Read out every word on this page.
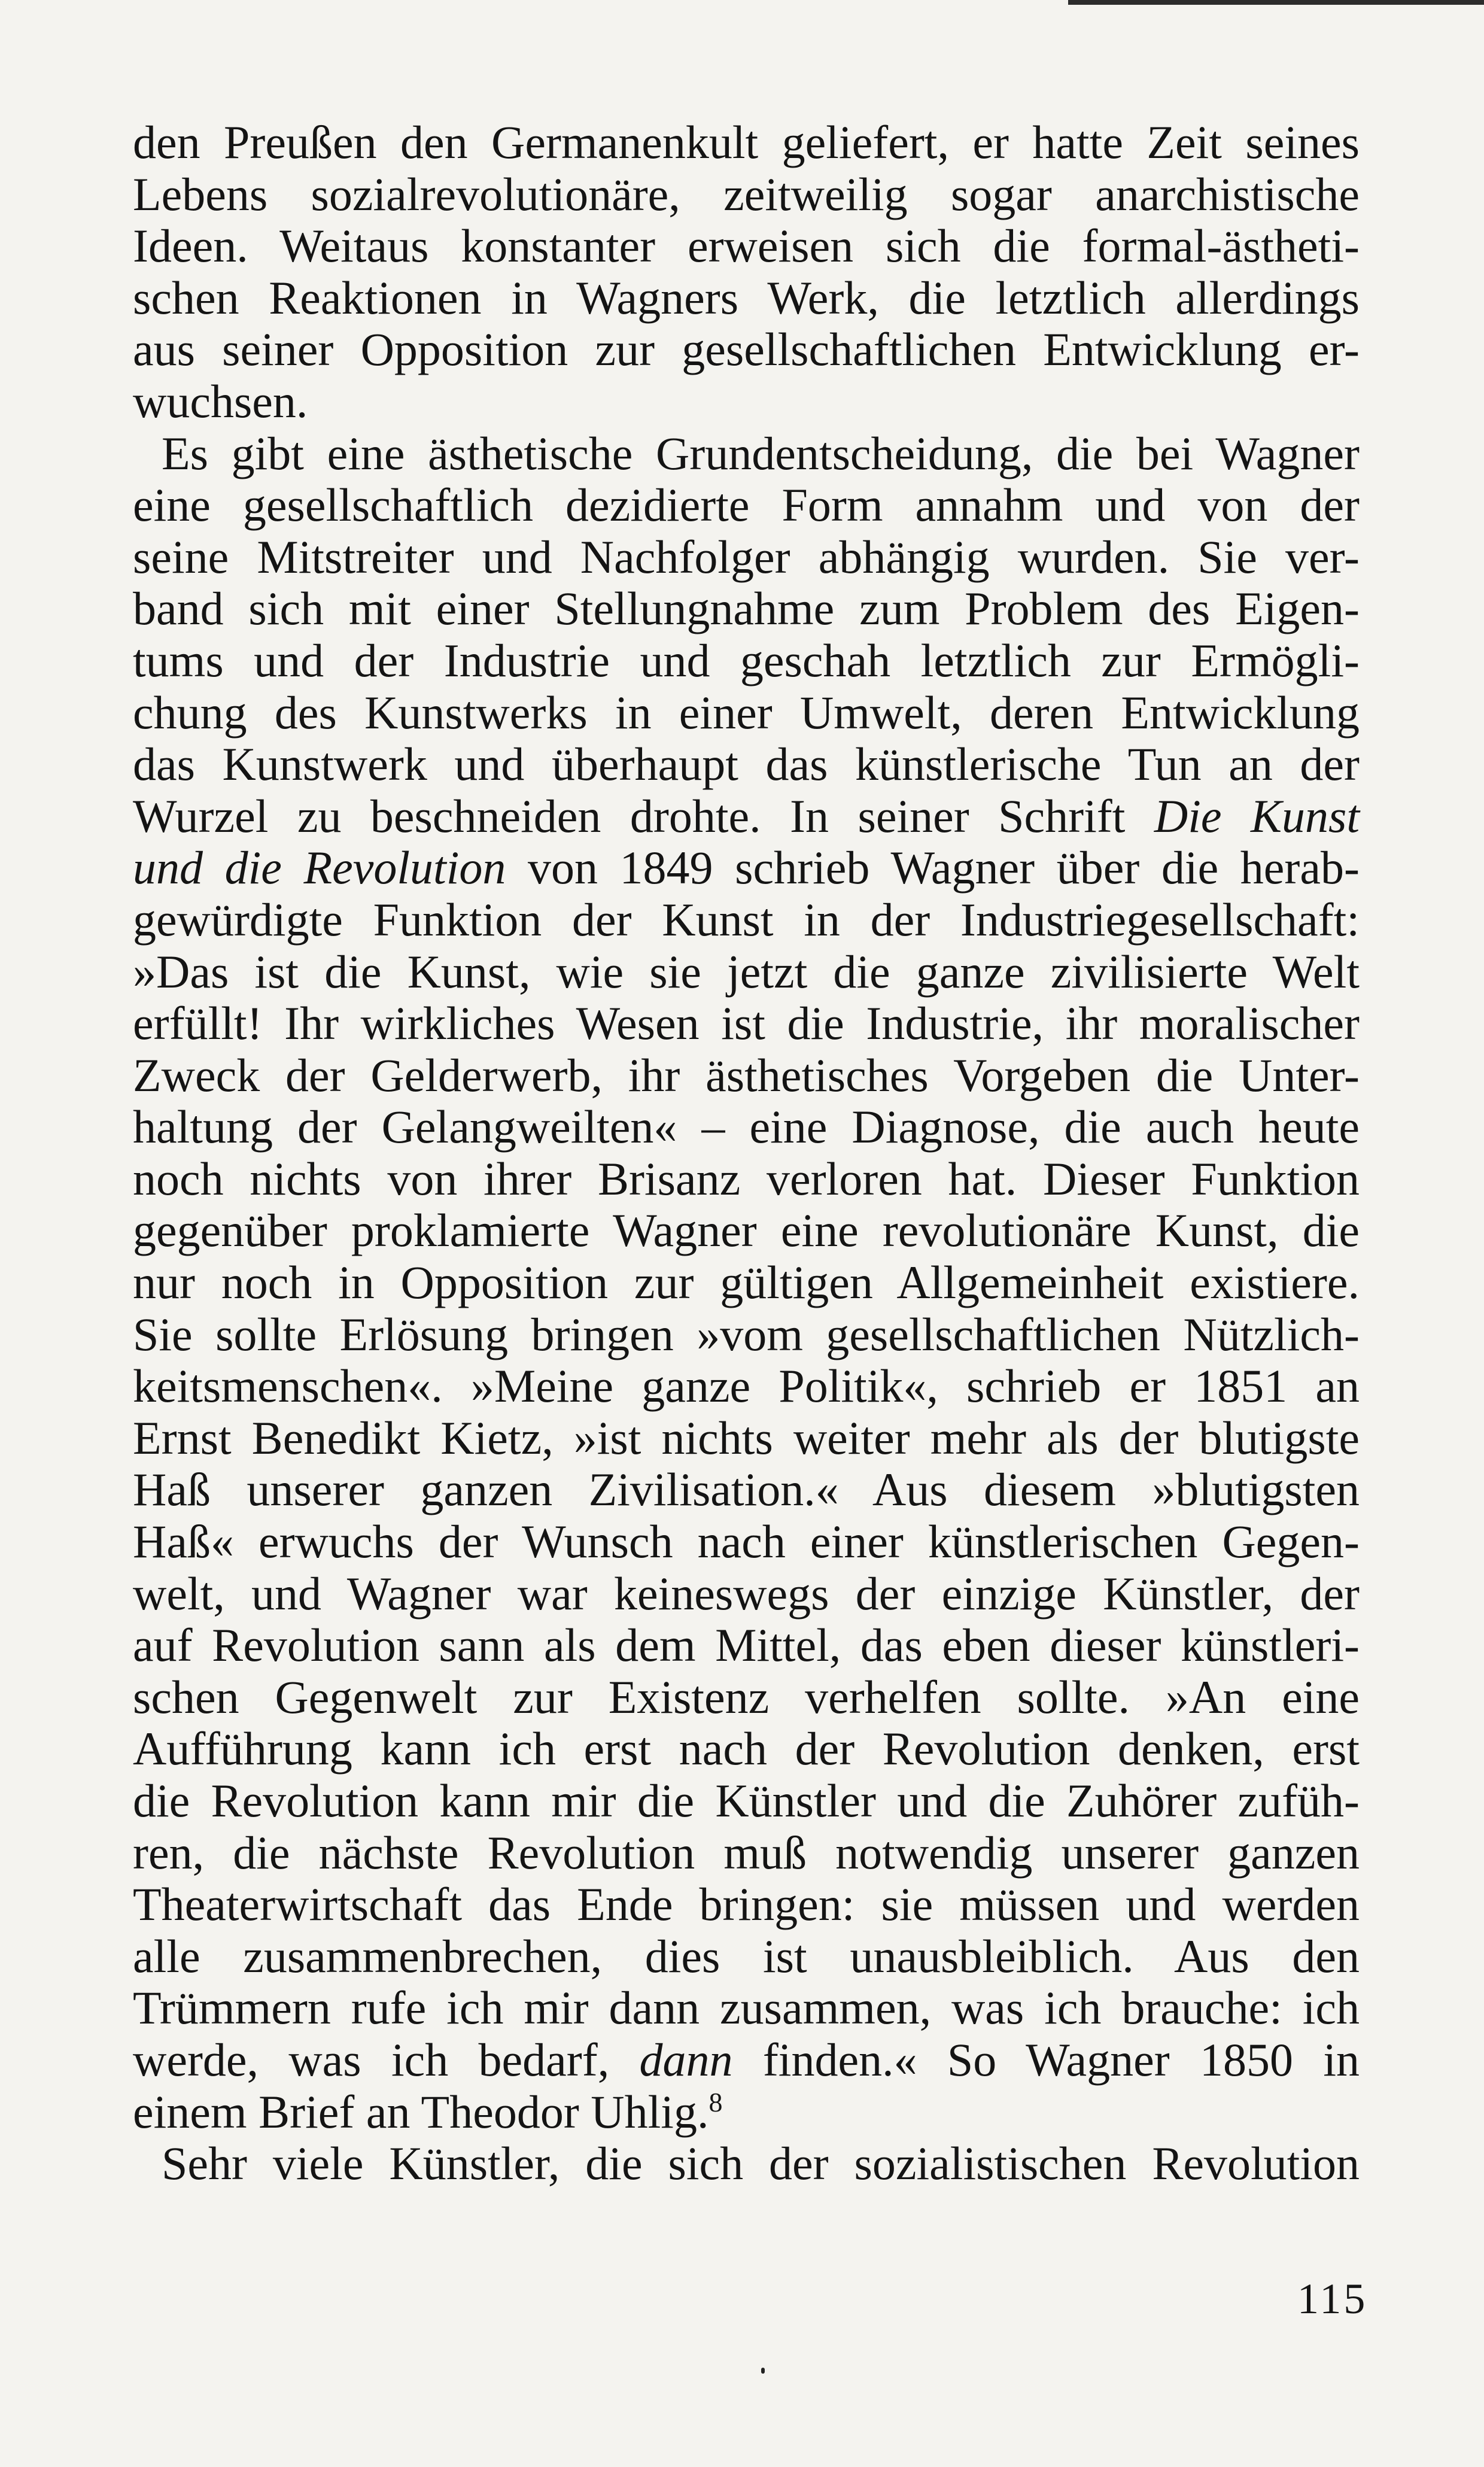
den Preußen den Germanenkult geliefert, er hatte Zeit seines
Lebens sozialrevolutionäre, zeitweilig sogar anarchistische
Ideen. Weitaus konstanter erweisen sich die formal-ästheti-
schen Reaktionen in Wagners Werk, die letztlich allerdings
aus seiner Opposition zur gesellschaftlichen Entwicklung er-
wuchsen.
Es gibt eine ästhetische Grundentscheidung, die bei Wagner
eine gesellschaftlich dezidierte Form annahm und von der
seine Mitstreiter und Nachfolger abhängig wurden. Sie ver-
band sich mit einer Stellungnahme zum Problem des Eigen-
tums und der Industrie und geschah letztlich zur Ermögli-
chung des Kunstwerks in einer Umwelt, deren Entwicklung
das Kunstwerk und überhaupt das künstlerische Tun an der
Wurzel zu beschneiden drohte. In seiner Schrift Die Kunst
und die Revolution von 1849 schrieb Wagner über die herab-
gewürdigte Funktion der Kunst in der Industriegesellschaft:
»Das ist die Kunst, wie sie jetzt die ganze zivilisierte Welt
erfüllt! Ihr wirkliches Wesen ist die Industrie, ihr moralischer
Zweck der Gelderwerb, ihr ästhetisches Vorgeben die Unter-
haltung der Gelangweilten« – eine Diagnose, die auch heute
noch nichts von ihrer Brisanz verloren hat. Dieser Funktion
gegenüber proklamierte Wagner eine revolutionäre Kunst, die
nur noch in Opposition zur gültigen Allgemeinheit existiere.
Sie sollte Erlösung bringen »vom gesellschaftlichen Nützlich-
keitsmenschen«. »Meine ganze Politik«, schrieb er 1851 an
Ernst Benedikt Kietz, »ist nichts weiter mehr als der blutigste
Haß unserer ganzen Zivilisation.« Aus diesem »blutigsten
Haß« erwuchs der Wunsch nach einer künstlerischen Gegen-
welt, und Wagner war keineswegs der einzige Künstler, der
auf Revolution sann als dem Mittel, das eben dieser künstleri-
schen Gegenwelt zur Existenz verhelfen sollte. »An eine
Aufführung kann ich erst nach der Revolution denken, erst
die Revolution kann mir die Künstler und die Zuhörer zufüh-
ren, die nächste Revolution muß notwendig unserer ganzen
Theaterwirtschaft das Ende bringen: sie müssen und werden
alle zusammenbrechen, dies ist unausbleiblich. Aus den
Trümmern rufe ich mir dann zusammen, was ich brauche: ich
werde, was ich bedarf, dann finden.« So Wagner 1850 in
einem Brief an Theodor Uhlig.$^8$
Sehr viele Künstler, die sich der sozialistischen Revolution
115
